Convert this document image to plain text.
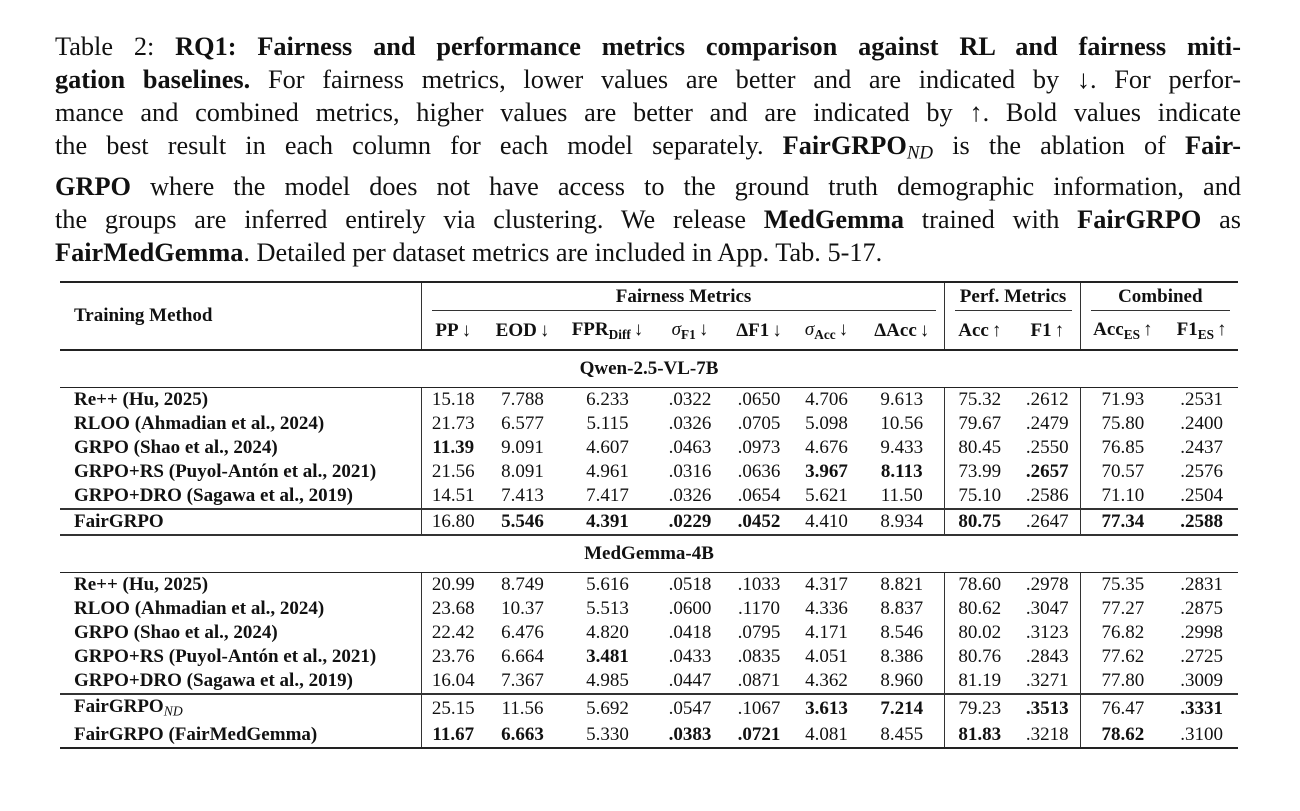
Table 2: RQ1: Fairness and performance metrics comparison against RL and fairness miti-
gation baselines. For fairness metrics, lower values are better and are indicated by ↓. For perfor-
mance and combined metrics, higher values are better and are indicated by ↑. Bold values indicate
the best result in each column for each model separately. FairGRPOND is the ablation of Fair-
GRPO where the model does not have access to the ground truth demographic information, and
the groups are inferred entirely via clustering. We release MedGemma trained with FairGRPO as
FairMedGemma. Detailed per dataset metrics are included in App. Tab. 5-17.
Training Method	Fairness Metrics							Perf. Metrics		Combined	

	PP ↓	EOD ↓	$FPR_{Diff}$ ↓	$\sigma_{F1}$ ↓	ΔF1 ↓	$\sigma_{Acc}$ ↓	ΔAcc ↓	Acc ↑	F1 ↑	Acc$_{ES}$ ↑	$F1_{ES}$ ↑
Qwen-2.5-VL-7B											
Re++ (Hu, 2025)	15.18	7.788	6.233	.0322	.0650	4.706	9.613	75.32	.2612	71.93	.2531
RLOO (Ahmadian et al., 2024)	21.73	6.577	5.115	.0326	.0705	5.098	10.56	79.67	.2479	75.80	.2400
GRPO (Shao et al., 2024)	11.39	9.091	4.607	.0463	.0973	4.676	9.433	80.45	.2550	76.85	.2437
GRPO+RS (Puyol-Antón et al., 2021)	21.56	8.091	4.961	.0316	.0636	3.967	8.113	73.99	.2657	70.57	.2576
GRPO+DRO (Sagawa et al., 2019)	14.51	7.413	7.417	.0326	.0654	5.621	11.50	75.10	.2586	71.10	.2504
FairGRPO	16.80	5.546	4.391	.0229	.0452	4.410	8.934	80.75	.2647	77.34	.2588
MedGemma-4B											
Re++ (Hu, 2025)	20.99	8.749	5.616	.0518	.1033	4.317	8.821	78.60	.2978	75.35	.2831
RLOO (Ahmadian et al., 2024)	23.68	10.37	5.513	.0600	.1170	4.336	8.837	80.62	.3047	77.27	.2875
GRPO (Shao et al., 2024)	22.42	6.476	4.820	.0418	.0795	4.171	8.546	80.02	.3123	76.82	.2998
GRPO+RS (Puyol-Antón et al., 2021)	23.76	6.664	3.481	.0433	.0835	4.051	8.386	80.76	.2843	77.62	.2725
GRPO+DRO (Sagawa et al., 2019)	16.04	7.367	4.985	.0447	.0871	4.362	8.960	81.19	.3271	77.80	.3009
FairGRPOND	25.15	11.56	5.692	.0547	.1067	3.613	7.214	79.23	.3513	76.47	.3331
FairGRPO (FairMedGemma)	11.67	6.663	5.330	.0383	.0721	4.081	8.455	81.83	.3218	78.62	.3100
